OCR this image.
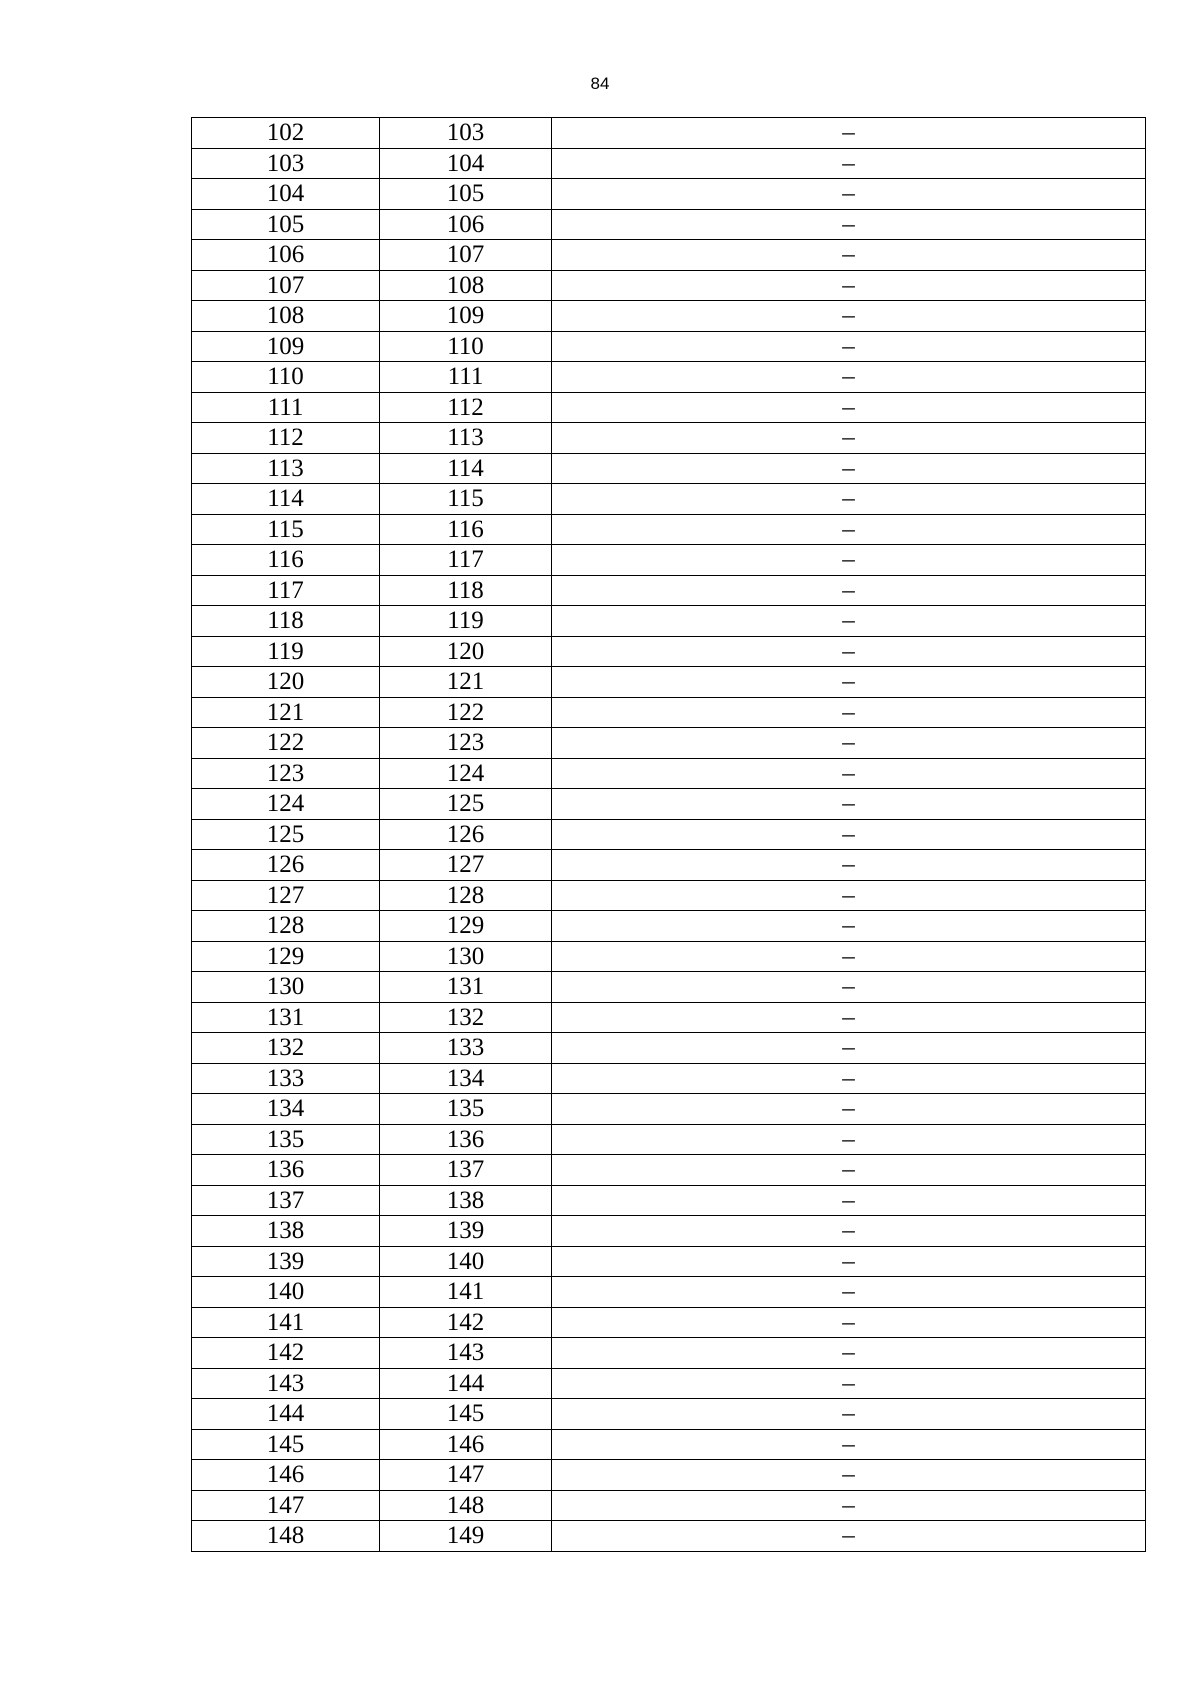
84
102	103	–
103	104	–
104	105	–
105	106	–
106	107	–
107	108	–
108	109	–
109	110	–
110	111	–
111	112	–
112	113	–
113	114	–
114	115	–
115	116	–
116	117	–
117	118	–
118	119	–
119	120	–
120	121	–
121	122	–
122	123	–
123	124	–
124	125	–
125	126	–
126	127	–
127	128	–
128	129	–
129	130	–
130	131	–
131	132	–
132	133	–
133	134	–
134	135	–
135	136	–
136	137	–
137	138	–
138	139	–
139	140	–
140	141	–
141	142	–
142	143	–
143	144	–
144	145	–
145	146	–
146	147	–
147	148	–
148	149	–
